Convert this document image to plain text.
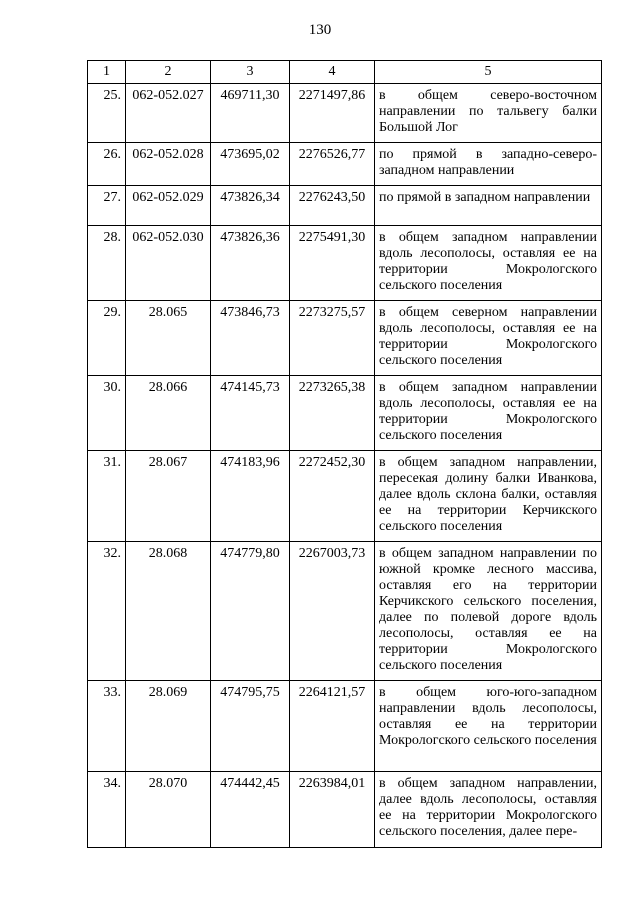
130
1	2	3	4	5
25.	062-052.027	469711,30	2271497,86	в общем северо-восточном направлении по тальвегу балки Большой Лог
26.	062-052.028	473695,02	2276526,77	по прямой в западно-северо-западном направлении
27.	062-052.029	473826,34	2276243,50	по прямой в западном направлении
28.	062-052.030	473826,36	2275491,30	в общем западном направлении вдоль лесополосы, оставляя ее на территории Мокрологского сельского поселения
29.	28.065	473846,73	2273275,57	в общем северном направлении вдоль лесополосы, оставляя ее на территории Мокрологского сельского поселения
30.	28.066	474145,73	2273265,38	в общем западном направлении вдоль лесополосы, оставляя ее на территории Мокрологского сельского поселения
31.	28.067	474183,96	2272452,30	в общем западном направлении, пересекая долину балки Иванкова, далее вдоль склона балки, оставляя ее на территории Керчикского сельского поселения
32.	28.068	474779,80	2267003,73	в общем западном направлении по южной кромке лесного массива, оставляя его на территории Керчикского сельского поселения, далее по полевой дороге вдоль лесополосы, оставляя ее на территории Мокрологского сельского поселения
33.	28.069	474795,75	2264121,57	в общем юго-юго-западном направлении вдоль лесополосы, оставляя ее на территории Мокрологского сельского поселения
34.	28.070	474442,45	2263984,01	в общем западном направлении, далее вдоль лесополосы, оставляя ее на территории Мокрологского сельского поселения, далее пере-
